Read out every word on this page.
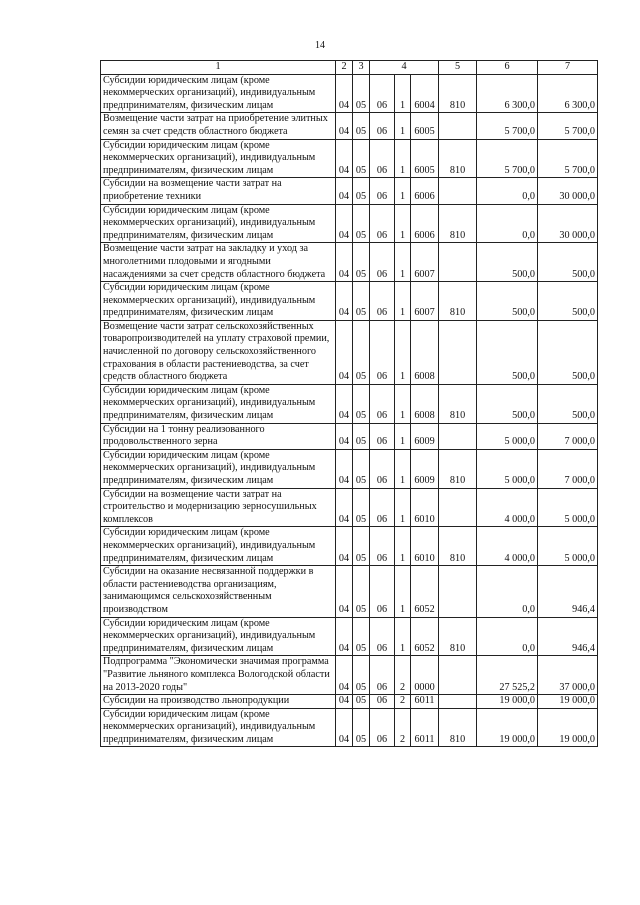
14
1	2	3	4			5	6	7
Субсидии юридическим лицам (кроме некоммерческих организаций), индивидуальным предпринимателям, физическим лицам	04	05	06	1	6004	810	6 300,0	6 300,0
Возмещение части затрат на приобретение элитных семян за счет средств областного бюджета	04	05	06	1	6005		5 700,0	5 700,0
Субсидии юридическим лицам (кроме некоммерческих организаций), индивидуальным предпринимателям, физическим лицам	04	05	06	1	6005	810	5 700,0	5 700,0
Субсидии на возмещение части затрат на приобретение техники	04	05	06	1	6006		0,0	30 000,0
Субсидии юридическим лицам (кроме некоммерческих организаций), индивидуальным предпринимателям, физическим лицам	04	05	06	1	6006	810	0,0	30 000,0
Возмещение части затрат на закладку и уход за многолетними плодовыми и ягодными насаждениями за счет средств областного бюджета	04	05	06	1	6007		500,0	500,0
Субсидии юридическим лицам (кроме некоммерческих организаций), индивидуальным предпринимателям, физическим лицам	04	05	06	1	6007	810	500,0	500,0
Возмещение части затрат сельскохозяйственных товаропроизводителей на уплату страховой премии, начисленной по договору сельскохозяйственного страхования в области растениеводства, за счет средств областного бюджета	04	05	06	1	6008		500,0	500,0
Субсидии юридическим лицам (кроме некоммерческих организаций), индивидуальным предпринимателям, физическим лицам	04	05	06	1	6008	810	500,0	500,0
Субсидии на 1 тонну реализованного продовольственного зерна	04	05	06	1	6009		5 000,0	7 000,0
Субсидии юридическим лицам (кроме некоммерческих организаций), индивидуальным предпринимателям, физическим лицам	04	05	06	1	6009	810	5 000,0	7 000,0
Субсидии на возмещение части затрат на строительство и модернизацию зерносушильных комплексов	04	05	06	1	6010		4 000,0	5 000,0
Субсидии юридическим лицам (кроме некоммерческих организаций), индивидуальным предпринимателям, физическим лицам	04	05	06	1	6010	810	4 000,0	5 000,0
Субсидии на оказание несвязанной поддержки в области растениеводства организациям, занимающимся сельскохозяйственным производством	04	05	06	1	6052		0,0	946,4
Субсидии юридическим лицам (кроме некоммерческих организаций), индивидуальным предпринимателям, физическим лицам	04	05	06	1	6052	810	0,0	946,4
Подпрограмма "Экономически значимая программа "Развитие льняного комплекса Вологодской области на 2013-2020 годы"	04	05	06	2	0000		27 525,2	37 000,0
Субсидии на производство льнопродукции	04	05	06	2	6011		19 000,0	19 000,0
Субсидии юридическим лицам (кроме некоммерческих организаций), индивидуальным предпринимателям, физическим лицам	04	05	06	2	6011	810	19 000,0	19 000,0
